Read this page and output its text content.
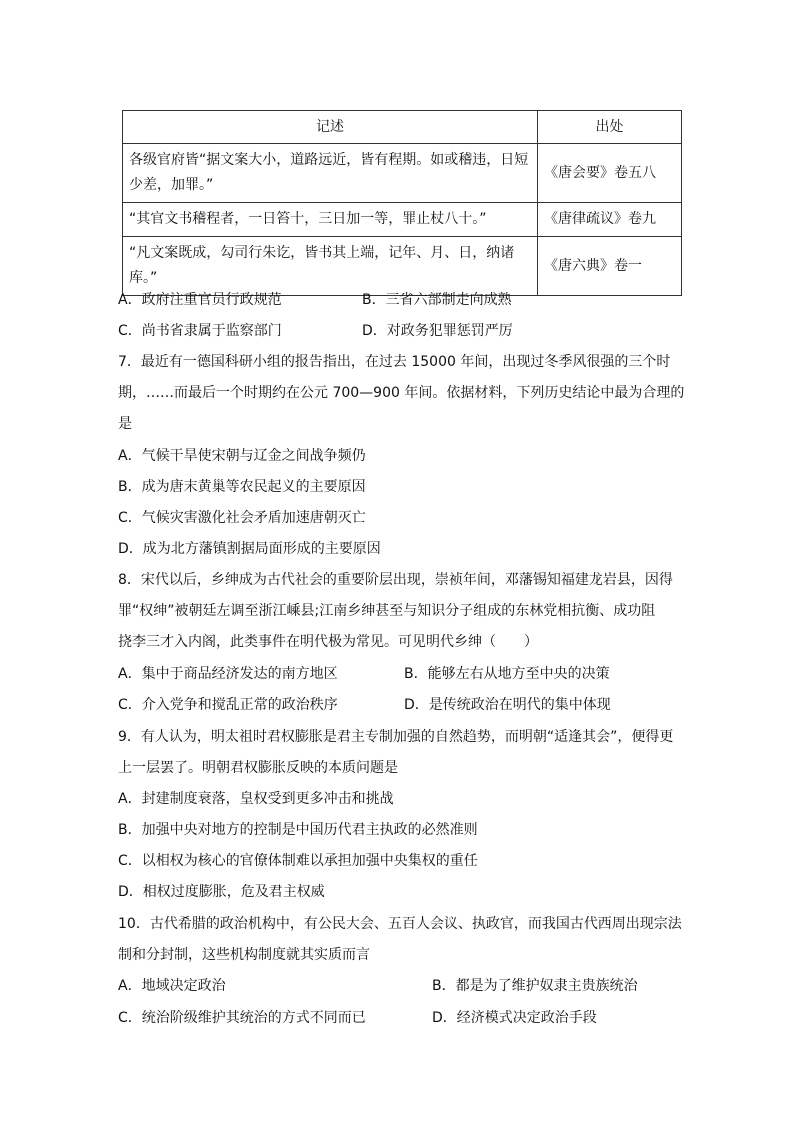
记述	出处
各级官府皆“据文案大小，道路远近，皆有程期。如或稽违，日短少差，加罪。”	《唐会要》卷五八
“其官文书稽程者，一日笞十，三日加一等，罪止杖八十。”	《唐律疏议》卷九
“凡文案既成，勾司行朱讫，皆书其上端，记年、月、日，纳诸库。”	《唐六典》卷一
A．政府注重官员行政规范	B．三省六部制走向成熟
C．尚书省隶属于监察部门	D．对政务犯罪惩罚严厉
7．最近有一德国科研小组的报告指出，在过去 15000 年间，出现过冬季风很强的三个时
期，……而最后一个时期约在公元 700—900 年间。依据材料，下列历史结论中最为合理的
是
A．气候干旱使宋朝与辽金之间战争频仍
B．成为唐末黄巢等农民起义的主要原因
C．气候灾害激化社会矛盾加速唐朝灭亡
D．成为北方藩镇割据局面形成的主要原因
8．宋代以后，乡绅成为古代社会的重要阶层出现，崇祯年间，邓藩锡知福建龙岩县，因得
罪“权绅”被朝廷左调至浙江嵊县;江南乡绅甚至与知识分子组成的东林党相抗衡、成功阻
挠李三才入内阁，此类事件在明代极为常见。可见明代乡绅（　　）
A．集中于商品经济发达的南方地区	B．能够左右从地方至中央的决策
C．介入党争和搅乱正常的政治秩序	D．是传统政治在明代的集中体现
9．有人认为，明太祖时君权膨胀是君主专制加强的自然趋势，而明朝“适逢其会”，便得更
上一层罢了。明朝君权膨胀反映的本质问题是
A．封建制度衰落，皇权受到更多冲击和挑战
B．加强中央对地方的控制是中国历代君主执政的必然准则
C．以相权为核心的官僚体制难以承担加强中央集权的重任
D．相权过度膨胀，危及君主权威
10．古代希腊的政治机构中，有公民大会、五百人会议、执政官，而我国古代西周出现宗法
制和分封制，这些机构制度就其实质而言
A．地域决定政治	B．都是为了维护奴隶主贵族统治
C．统治阶级维护其统治的方式不同而已	D．经济模式决定政治手段
